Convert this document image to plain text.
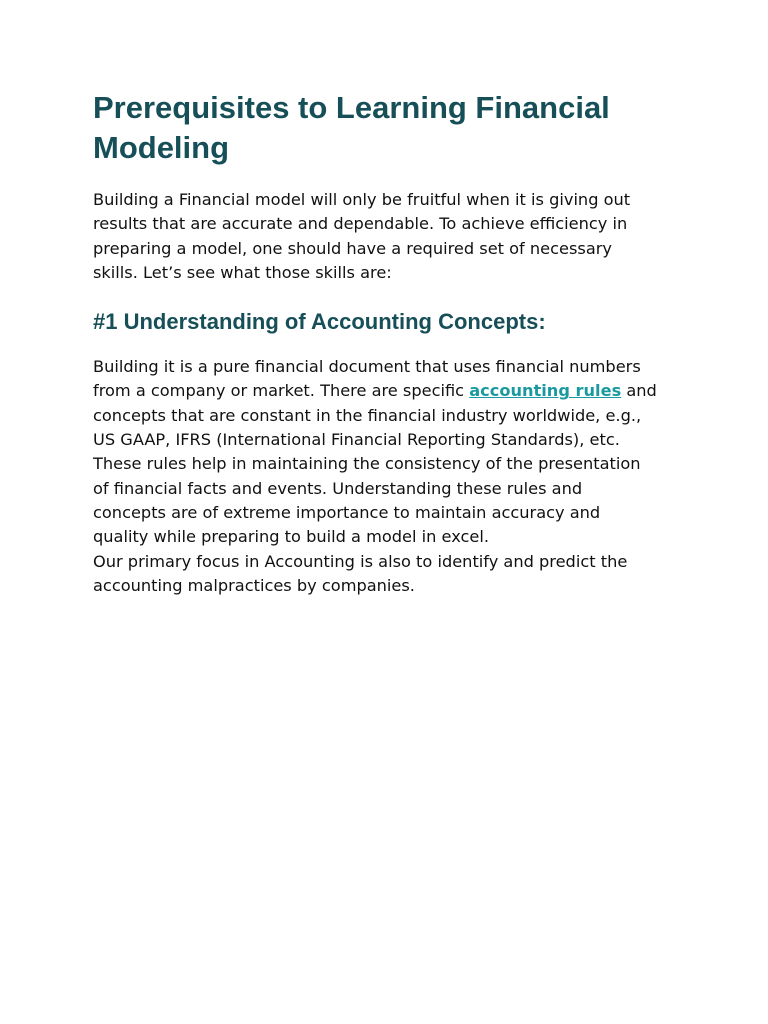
Prerequisites to Learning Financial Modeling

Building a Financial model will only be fruitful when it is giving out
results that are accurate and dependable. To achieve efficiency in
preparing a model, one should have a required set of necessary
skills. Let’s see what those skills are:

#1 Understanding of Accounting Concepts:

Building it is a pure financial document that uses financial numbers
from a company or market. There are specific accounting rules and
concepts that are constant in the financial industry worldwide, e.g.,
US GAAP, IFRS (International Financial Reporting Standards), etc.
These rules help in maintaining the consistency of the presentation
of financial facts and events. Understanding these rules and
concepts are of extreme importance to maintain accuracy and
quality while preparing to build a model in excel.
Our primary focus in Accounting is also to identify and predict the
accounting malpractices by companies.
